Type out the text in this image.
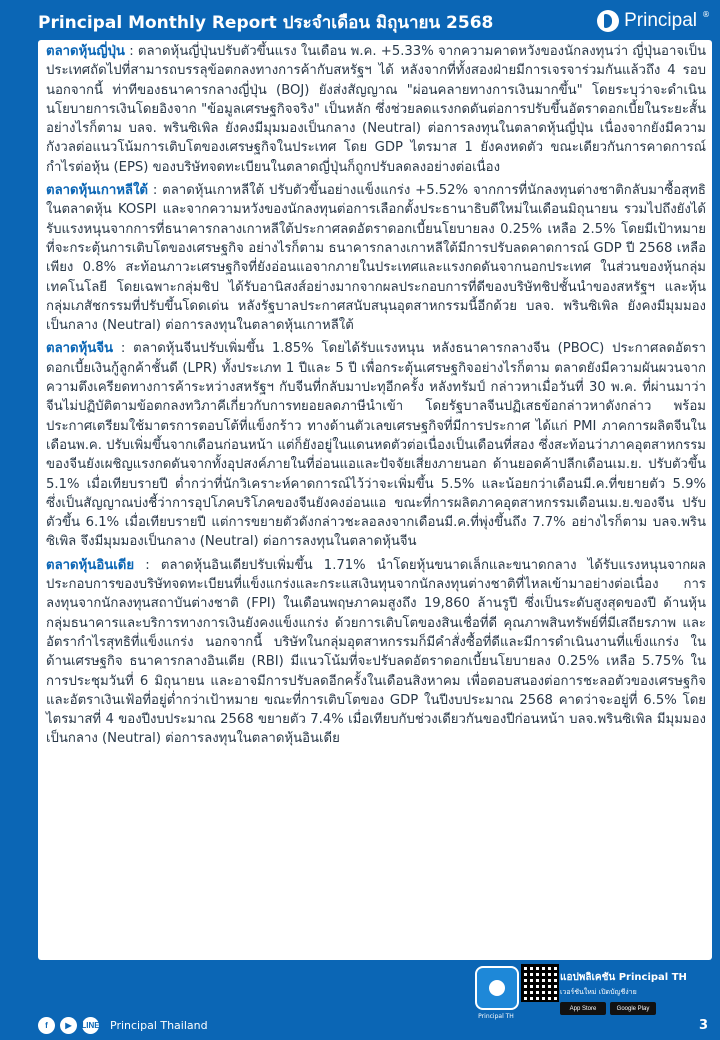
Principal Monthly Report ประจำเดือน มิถุนายน 2568	Principal ®

ตลาดหุ้นญี่ปุ่น : ตลาดหุ้นญี่ปุ่นปรับตัวขึ้นแรง ในเดือน พ.ค. +5.33% จากความคาดหวังของนักลงทุนว่า ญี่ปุ่นอาจเป็นประเทศถัดไปที่สามารถบรรลุข้อตกลงทางการค้ากับสหรัฐฯ ได้ หลังจากที่ทั้งสองฝ่ายมีการเจรจาร่วมกันแล้วถึง 4 รอบ นอกจากนี้ ท่าทีของธนาคารกลางญี่ปุ่น (BOJ) ยังส่งสัญญาณ "ผ่อนคลายทางการเงินมากขึ้น" โดยระบุว่าจะดำเนินนโยบายการเงินโดยอิงจาก "ข้อมูลเศรษฐกิจจริง" เป็นหลัก ซึ่งช่วยลดแรงกดดันต่อการปรับขึ้นอัตราดอกเบี้ยในระยะสั้น อย่างไรก็ตาม บลจ. พรินซิเพิล ยังคงมีมุมมองเป็นกลาง (Neutral) ต่อการลงทุนในตลาดหุ้นญี่ปุ่น เนื่องจากยังมีความกังวลต่อแนวโน้มการเติบโตของเศรษฐกิจในประเทศ โดย GDP ไตรมาส 1 ยังคงหดตัว ขณะเดียวกันการคาดการณ์กำไรต่อหุ้น (EPS) ของบริษัทจดทะเบียนในตลาดญี่ปุ่นก็ถูกปรับลดลงอย่างต่อเนื่อง

ตลาดหุ้นเกาหลีใต้ : ตลาดหุ้นเกาหลีใต้ ปรับตัวขึ้นอย่างแข็งแกร่ง +5.52% จากการที่นักลงทุนต่างชาติกลับมาซื้อสุทธิในตลาดหุ้น KOSPI และจากความหวังของนักลงทุนต่อการเลือกตั้งประธานาธิบดีใหม่ในเดือนมิถุนายน รวมไปถึงยังได้รับแรงหนุนจากการที่ธนาคารกลางเกาหลีใต้ประกาศลดอัตราดอกเบี้ยนโยบายลง 0.25% เหลือ 2.5% โดยมีเป้าหมายที่จะกระตุ้นการเติบโตของเศรษฐกิจ อย่างไรก็ตาม ธนาคารกลางเกาหลีใต้มีการปรับลดคาดการณ์ GDP ปี 2568 เหลือเพียง 0.8% สะท้อนภาวะเศรษฐกิจที่ยังอ่อนแอจากภายในประเทศและแรงกดดันจากนอกประเทศ ในส่วนของหุ้นกลุ่มเทคโนโลยี โดยเฉพาะกลุ่มชิป ได้รับอานิสงส์อย่างมากจากผลประกอบการที่ดีของบริษัทชิปชั้นนำของสหรัฐฯ และหุ้นกลุ่มเภสัชกรรมที่ปรับขึ้นโดดเด่น หลังรัฐบาลประกาศสนับสนุนอุตสาหกรรมนี้อีกด้วย บลจ. พรินซิเพิล ยังคงมีมุมมองเป็นกลาง (Neutral) ต่อการลงทุนในตลาดหุ้นเกาหลีใต้

ตลาดหุ้นจีน : ตลาดหุ้นจีนปรับเพิ่มขึ้น 1.85% โดยได้รับแรงหนุน หลังธนาคารกลางจีน (PBOC) ประกาศลดอัตราดอกเบี้ยเงินกู้ลูกค้าชั้นดี (LPR) ทั้งประเภท 1 ปีและ 5 ปี เพื่อกระตุ้นเศรษฐกิจอย่างไรก็ตาม ตลาดยังมีความผันผวนจากความตึงเครียดทางการค้าระหว่างสหรัฐฯ กับจีนที่กลับมาปะทุอีกครั้ง หลังทรัมป์ กล่าวหาเมื่อวันที่ 30 พ.ค. ที่ผ่านมาว่า จีนไม่ปฏิบัติตามข้อตกลงทวิภาคีเกี่ยวกับการทยอยลดภาษีนำเข้า โดยรัฐบาลจีนปฏิเสธข้อกล่าวหาดังกล่าว พร้อมประกาศเตรียมใช้มาตรการตอบโต้ที่แข็งกร้าว ทางด้านตัวเลขเศรษฐกิจที่มีการประกาศ ได้แก่ PMI ภาคการผลิตจีนในเดือนพ.ค. ปรับเพิ่มขึ้นจากเดือนก่อนหน้า แต่ก็ยังอยู่ในแดนหดตัวต่อเนื่องเป็นเดือนที่สอง ซึ่งสะท้อนว่าภาคอุตสาหกรรมของจีนยังเผชิญแรงกดดันจากทั้งอุปสงค์ภายในที่อ่อนแอและปัจจัยเสี่ยงภายนอก ด้านยอดค้าปลีกเดือนเม.ย. ปรับตัวขึ้น 5.1% เมื่อเทียบรายปี ต่ำกว่าที่นักวิเคราะห์คาดการณ์ไว้ว่าจะเพิ่มขึ้น 5.5% และน้อยกว่าเดือนมี.ค.ที่ขยายตัว 5.9% ซึ่งเป็นสัญญาณบ่งชี้ว่าการอุปโภคบริโภคของจีนยังคงอ่อนแอ ขณะที่การผลิตภาคอุตสาหกรรมเดือนเม.ย.ของจีน ปรับตัวขึ้น 6.1% เมื่อเทียบรายปี แต่การขยายตัวดังกล่าวชะลอลงจากเดือนมี.ค.ที่พุ่งขึ้นถึง 7.7% อย่างไรก็ตาม บลจ.พรินซิเพิล จึงมีมุมมองเป็นกลาง (Neutral) ต่อการลงทุนในตลาดหุ้นจีน

ตลาดหุ้นอินเดีย : ตลาดหุ้นอินเดียปรับเพิ่มขึ้น 1.71% นำโดยหุ้นขนาดเล็กและขนาดกลาง ได้รับแรงหนุนจากผลประกอบการของบริษัทจดทะเบียนที่แข็งแกร่งและกระแสเงินทุนจากนักลงทุนต่างชาติที่ไหลเข้ามาอย่างต่อเนื่อง การลงทุนจากนักลงทุนสถาบันต่างชาติ (FPI) ในเดือนพฤษภาคมสูงถึง 19,860 ล้านรูปี ซึ่งเป็นระดับสูงสุดของปี ด้านหุ้นกลุ่มธนาคารและบริการทางการเงินยังคงแข็งแกร่ง ด้วยการเติบโตของสินเชื่อที่ดี คุณภาพสินทรัพย์ที่มีเสถียรภาพ และอัตรากำไรสุทธิที่แข็งแกร่ง นอกจากนี้ บริษัทในกลุ่มอุตสาหกรรมก็มีคำสั่งซื้อที่ดีและมีการดำเนินงานที่แข็งแกร่ง ในด้านเศรษฐกิจ ธนาคารกลางอินเดีย (RBI) มีแนวโน้มที่จะปรับลดอัตราดอกเบี้ยนโยบายลง 0.25% เหลือ 5.75% ในการประชุมวันที่ 6 มิถุนายน และอาจมีการปรับลดอีกครั้งในเดือนสิงหาคม เพื่อตอบสนองต่อการชะลอตัวของเศรษฐกิจและอัตราเงินเฟ้อที่อยู่ต่ำกว่าเป้าหมาย ขณะที่การเติบโตของ GDP ในปีงบประมาณ 2568 คาดว่าจะอยู่ที่ 6.5% โดยไตรมาสที่ 4 ของปีงบประมาณ 2568 ขยายตัว 7.4% เมื่อเทียบกับช่วงเดียวกันของปีก่อนหน้า บลจ.พรินซิเพิล มีมุมมองเป็นกลาง (Neutral) ต่อการลงทุนในตลาดหุ้นอินเดีย

f	▶	LINE Principal Thailand
Principal TH
แอปพลิเคชัน Principal TH
เวอร์ชันใหม่ เปิดบัญชีง่าย
App Store	Google Play
3
